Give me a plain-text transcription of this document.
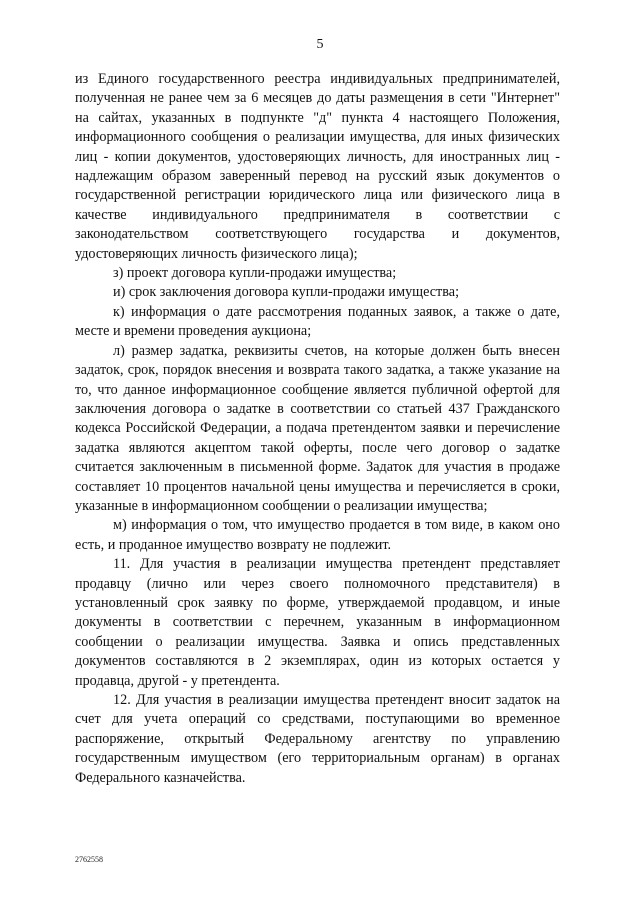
5

из Единого государственного реестра индивидуальных предпринимателей, полученная не ранее чем за 6 месяцев до даты размещения в сети "Интернет" на сайтах, указанных в подпункте "д" пункта 4 настоящего Положения, информационного сообщения о реализации имущества, для иных физических лиц - копии документов, удостоверяющих личность, для иностранных лиц - надлежащим образом заверенный перевод на русский язык документов о государственной регистрации юридического лица или физического лица в качестве индивидуального предпринимателя в соответствии с законодательством соответствующего государства и документов, удостоверяющих личность физического лица);

з) проект договора купли-продажи имущества;

и) срок заключения договора купли-продажи имущества;

к) информация о дате рассмотрения поданных заявок, а также о дате, месте и времени проведения аукциона;

л) размер задатка, реквизиты счетов, на которые должен быть внесен задаток, срок, порядок внесения и возврата такого задатка, а также указание на то, что данное информационное сообщение является публичной офертой для заключения договора о задатке в соответствии со статьей 437 Гражданского кодекса Российской Федерации, а подача претендентом заявки и перечисление задатка являются акцептом такой оферты, после чего договор о задатке считается заключенным в письменной форме. Задаток для участия в продаже составляет 10 процентов начальной цены имущества и перечисляется в сроки, указанные в информационном сообщении о реализации имущества;

м) информация о том, что имущество продается в том виде, в каком оно есть, и проданное имущество возврату не подлежит.

11. Для участия в реализации имущества претендент представляет продавцу (лично или через своего полномочного представителя) в установленный срок заявку по форме, утверждаемой продавцом, и иные документы в соответствии с перечнем, указанным в информационном сообщении о реализации имущества. Заявка и опись представленных документов составляются в 2 экземплярах, один из которых остается у продавца, другой - у претендента.

12. Для участия в реализации имущества претендент вносит задаток на счет для учета операций со средствами, поступающими во временное распоряжение, открытый Федеральному агентству по управлению государственным имуществом (его территориальным органам) в органах Федерального казначейства.

2762558
